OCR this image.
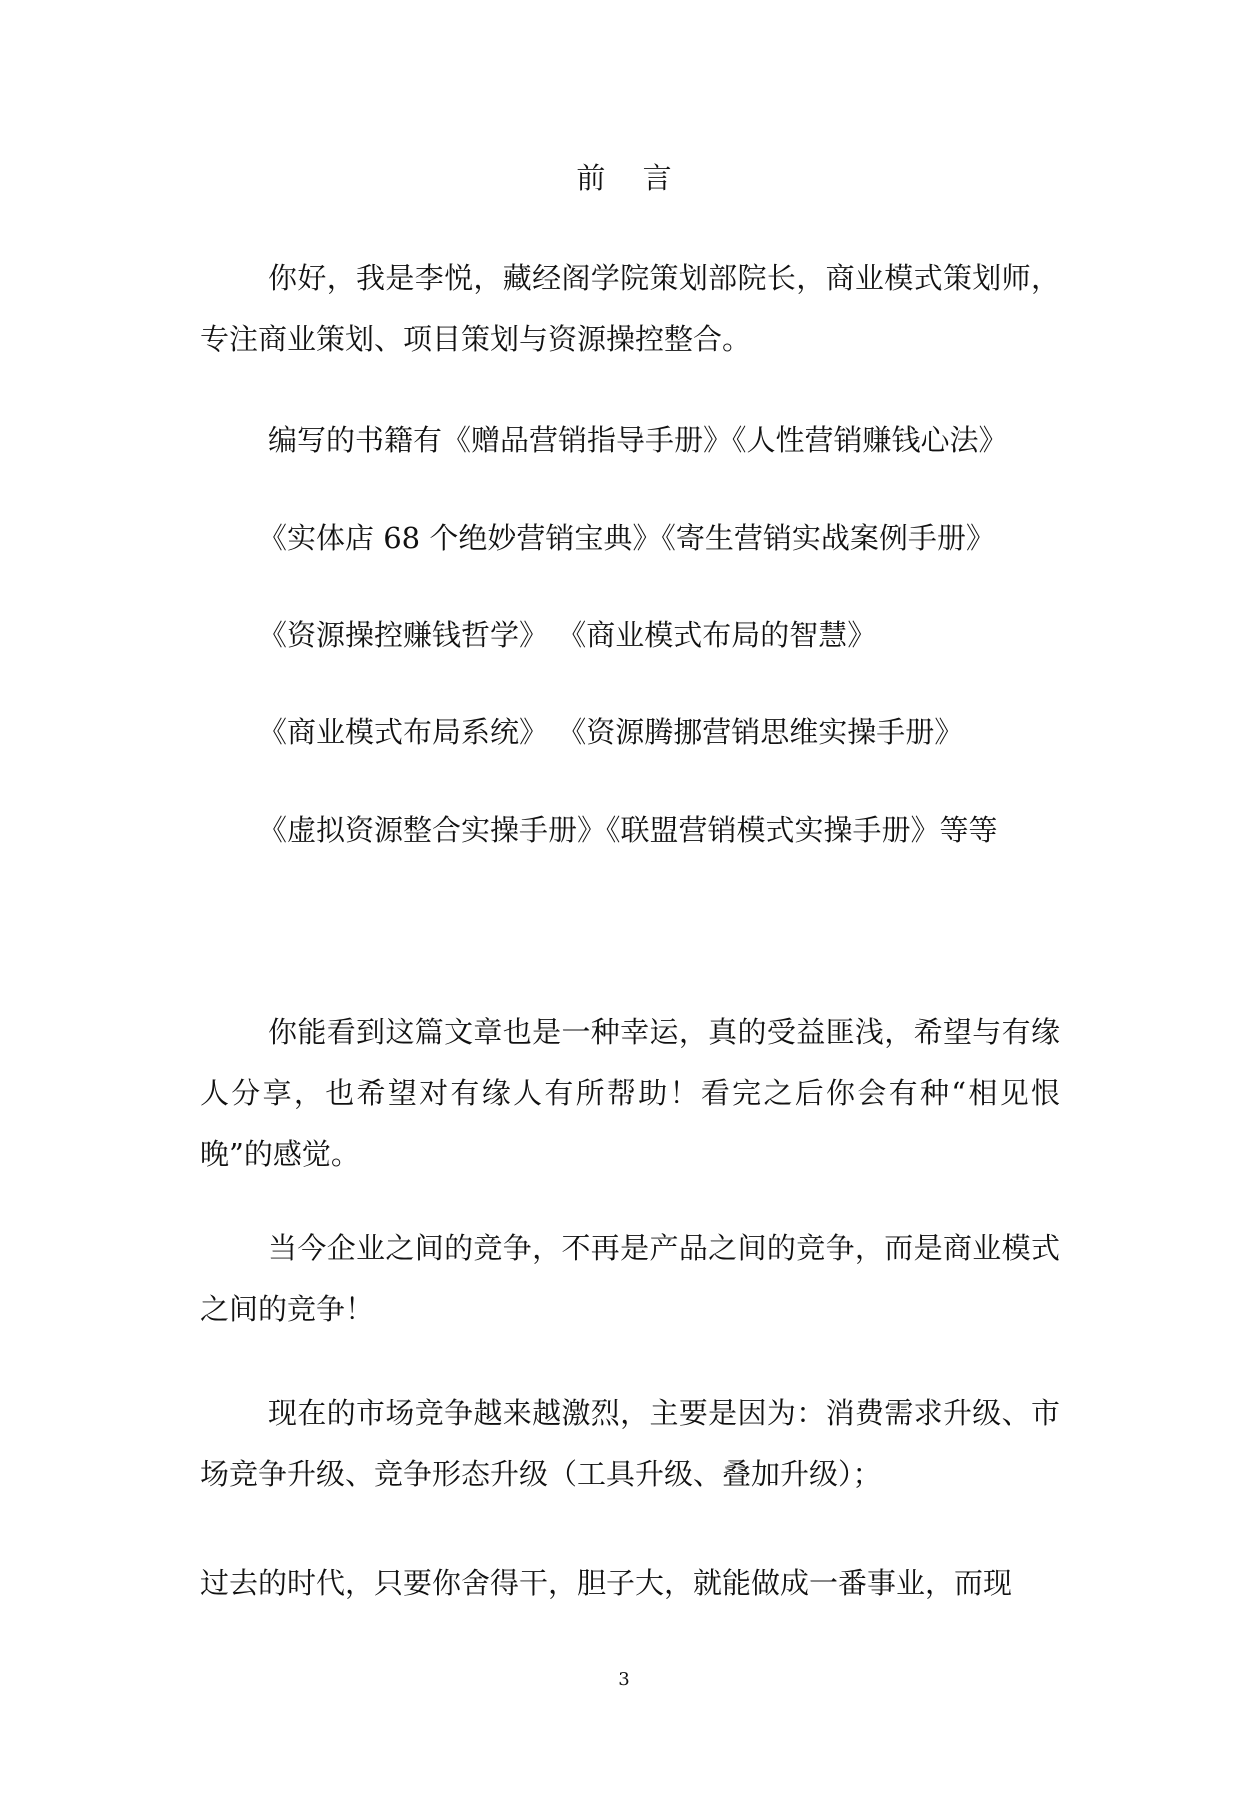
前 言

你好，我是李悦，藏经阁学院策划部院长，商业模式策划师，专注商业策划、项目策划与资源操控整合。

编写的书籍有《赠品营销指导手册》《人性营销赚钱心法》
《实体店 68 个绝妙营销宝典》《寄生营销实战案例手册》
《资源操控赚钱哲学》 《商业模式布局的智慧》
《商业模式布局系统》 《资源腾挪营销思维实操手册》
《虚拟资源整合实操手册》《联盟营销模式实操手册》等等

你能看到这篇文章也是一种幸运，真的受益匪浅，希望与有缘人分享，也希望对有缘人有所帮助！看完之后你会有种“相见恨晚”的感觉。

当今企业之间的竞争，不再是产品之间的竞争，而是商业模式之间的竞争！

现在的市场竞争越来越激烈，主要是因为：消费需求升级、市场竞争升级、竞争形态升级（工具升级、叠加升级）；

过去的时代，只要你舍得干，胆子大，就能做成一番事业，而现

3
